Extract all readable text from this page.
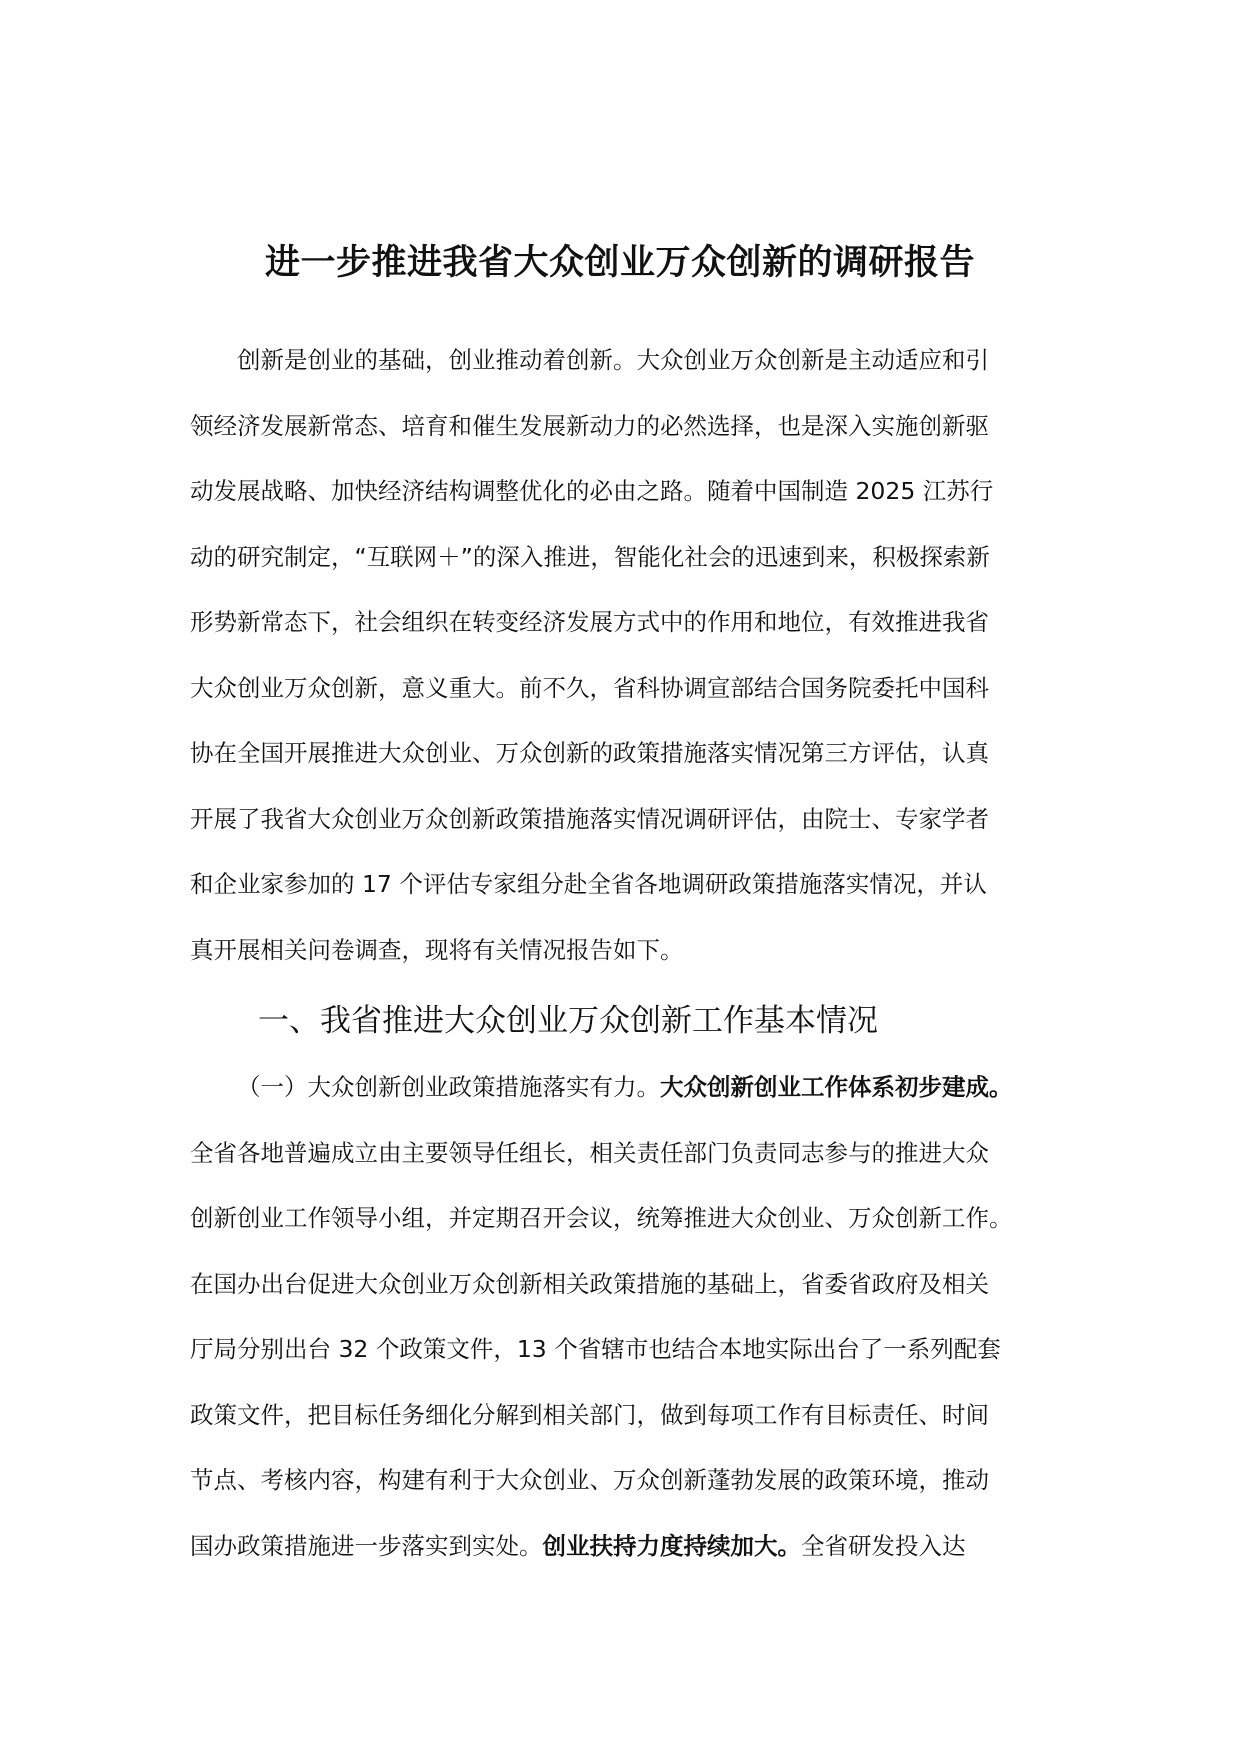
进一步推进我省大众创业万众创新的调研报告
创新是创业的基础，创业推动着创新。大众创业万众创新是主动适应和引
领经济发展新常态、培育和催生发展新动力的必然选择，也是深入实施创新驱
动发展战略、加快经济结构调整优化的必由之路。随着中国制造 2025 江苏行
动的研究制定，“互联网＋”的深入推进，智能化社会的迅速到来，积极探索新
形势新常态下，社会组织在转变经济发展方式中的作用和地位，有效推进我省
大众创业万众创新，意义重大。前不久，省科协调宣部结合国务院委托中国科
协在全国开展推进大众创业、万众创新的政策措施落实情况第三方评估，认真
开展了我省大众创业万众创新政策措施落实情况调研评估，由院士、专家学者
和企业家参加的 17 个评估专家组分赴全省各地调研政策措施落实情况，并认
真开展相关问卷调查，现将有关情况报告如下。
一、我省推进大众创业万众创新工作基本情况
（一）大众创新创业政策措施落实有力。大众创新创业工作体系初步建成。
全省各地普遍成立由主要领导任组长，相关责任部门负责同志参与的推进大众
创新创业工作领导小组，并定期召开会议，统筹推进大众创业、万众创新工作。
在国办出台促进大众创业万众创新相关政策措施的基础上，省委省政府及相关
厅局分别出台 32 个政策文件，13 个省辖市也结合本地实际出台了一系列配套
政策文件，把目标任务细化分解到相关部门，做到每项工作有目标责任、时间
节点、考核内容，构建有利于大众创业、万众创新蓬勃发展的政策环境，推动
国办政策措施进一步落实到实处。创业扶持力度持续加大。全省研发投入达
